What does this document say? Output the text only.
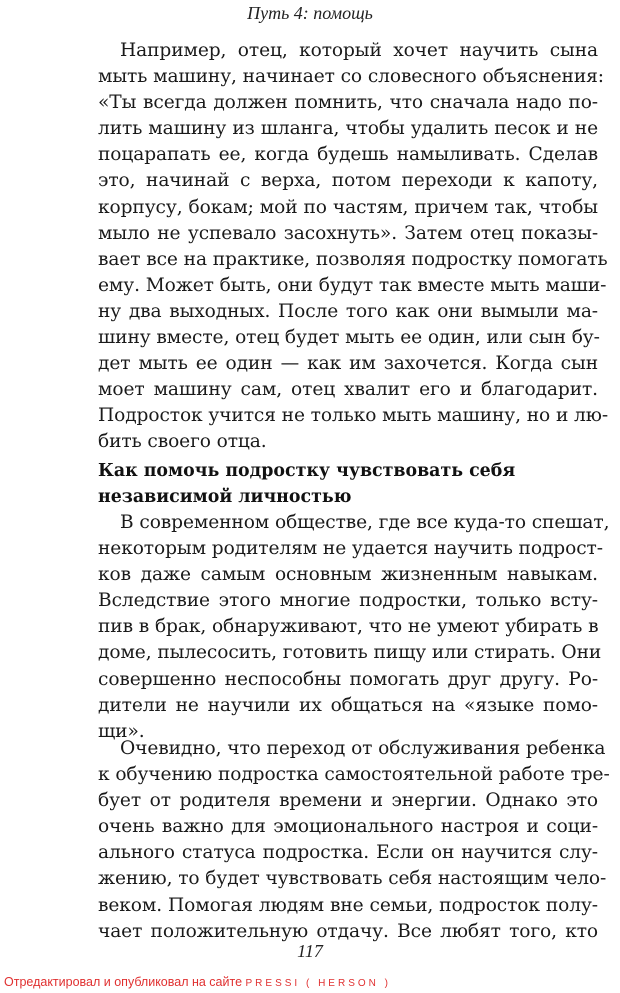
Путь 4: помощь
Например, отец, который хочет научить сына
мыть машину, начинает со словесного объяснения:
«Ты всегда должен помнить, что сначала надо по-
лить машину из шланга, чтобы удалить песок и не
поцарапать ее, когда будешь намыливать. Сделав
это, начинай с верха, потом переходи к капоту,
корпусу, бокам; мой по частям, причем так, чтобы
мыло не успевало засохнуть». Затем отец показы-
вает все на практике, позволяя подростку помогать
ему. Может быть, они будут так вместе мыть маши-
ну два выходных. После того как они вымыли ма-
шину вместе, отец будет мыть ее один, или сын бу-
дет мыть ее один — как им захочется. Когда сын
моет машину сам, отец хвалит его и благодарит.
Подросток учится не только мыть машину, но и лю-
бить своего отца.
Как помочь подростку чувствовать себя
независимой личностью
В современном обществе, где все куда-то спешат,
некоторым родителям не удается научить подрост-
ков даже самым основным жизненным навыкам.
Вследствие этого многие подростки, только всту-
пив в брак, обнаруживают, что не умеют убирать в
доме, пылесосить, готовить пищу или стирать. Они
совершенно неспособны помогать друг другу. Ро-
дители не научили их общаться на «языке помо-
щи».
Очевидно, что переход от обслуживания ребенка
к обучению подростка самостоятельной работе тре-
бует от родителя времени и энергии. Однако это
очень важно для эмоционального настроя и соци-
ального статуса подростка. Если он научится слу-
жению, то будет чувствовать себя настоящим чело-
веком. Помогая людям вне семьи, подросток полу-
чает положительную отдачу. Все любят того, кто
117
Отредактировал и опубликовал на сайте PRESSI ( HERSON )
